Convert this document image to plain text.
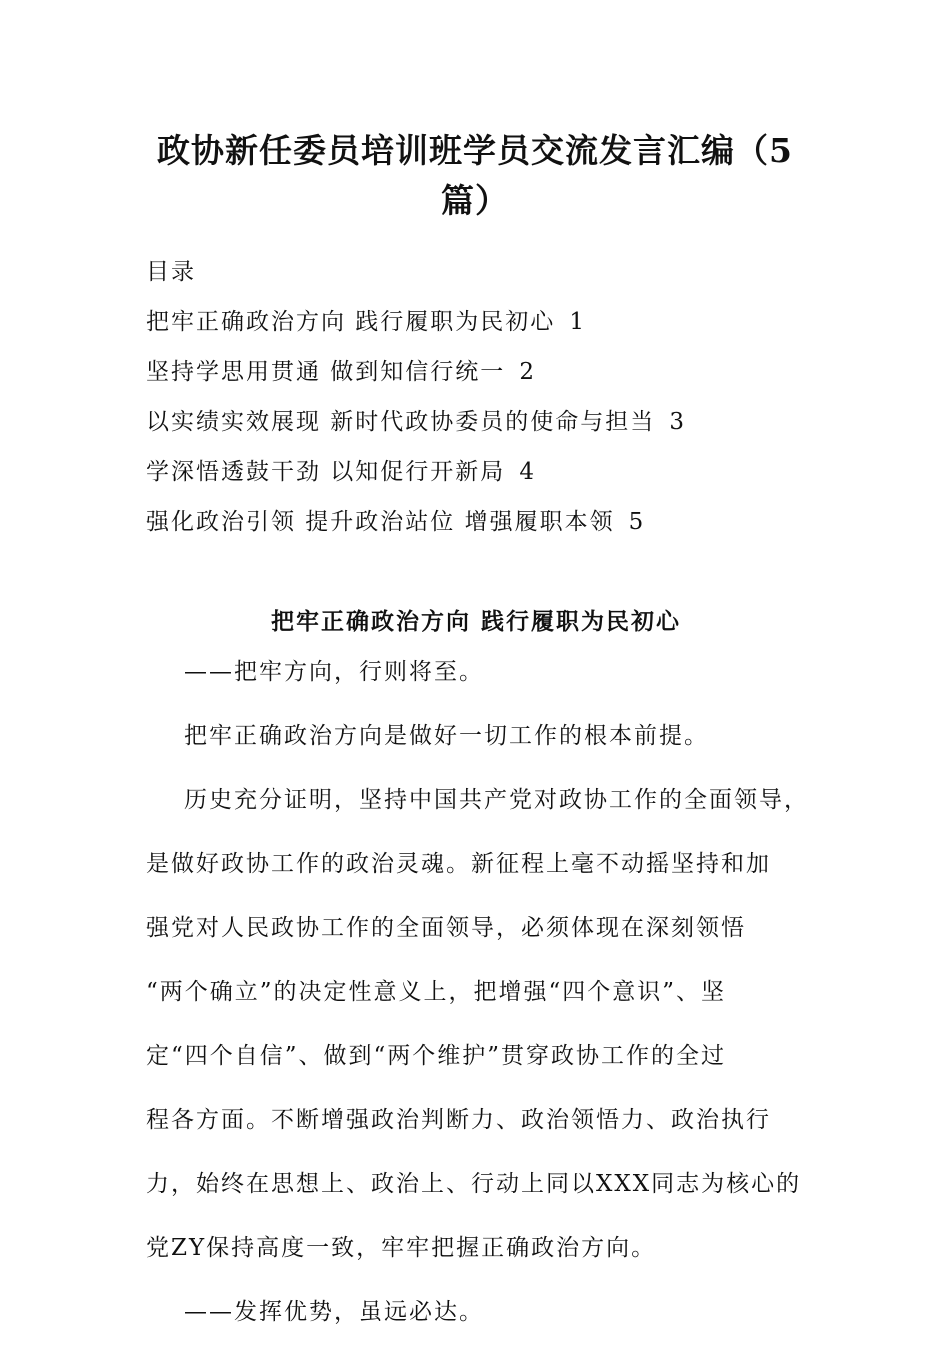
政协新任委员培训班学员交流发言汇编（5
篇）
目录
把牢正确政治方向 践行履职为民初心 1
坚持学思用贯通 做到知信行统一 2
以实绩实效展现 新时代政协委员的使命与担当 3
学深悟透鼓干劲 以知促行开新局 4
强化政治引领 提升政治站位 增强履职本领 5
把牢正确政治方向 践行履职为民初心
——把牢方向，行则将至。
把牢正确政治方向是做好一切工作的根本前提。
历史充分证明，坚持中国共产党对政协工作的全面领导，
是做好政协工作的政治灵魂。新征程上毫不动摇坚持和加
强党对人民政协工作的全面领导，必须体现在深刻领悟
“两个确立”的决定性意义上，把增强“四个意识”、坚
定“四个自信”、做到“两个维护”贯穿政协工作的全过
程各方面。不断增强政治判断力、政治领悟力、政治执行
力，始终在思想上、政治上、行动上同以XXX同志为核心的
党ZY保持高度一致，牢牢把握正确政治方向。
——发挥优势，虽远必达。
